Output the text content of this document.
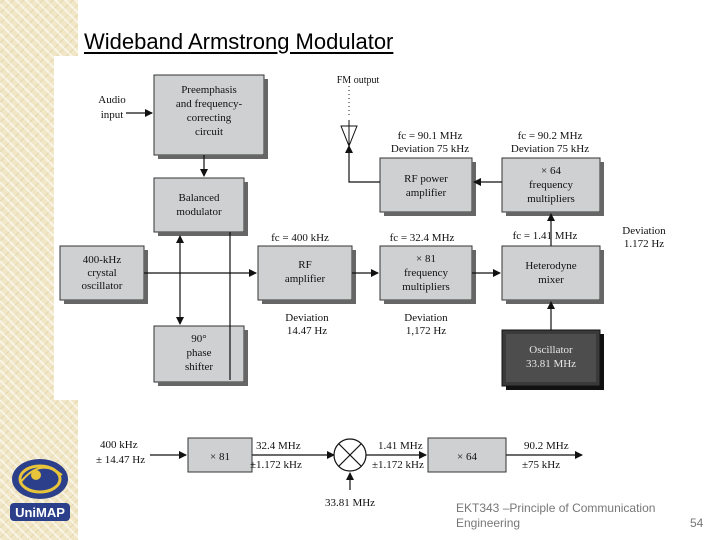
Wideband Armstrong Modulator
Preemphasis
and frequency-
correcting
circuit
Balanced
modulator
400-kHz
crystal
oscillator
90°
phase
shifter
RF
amplifier
× 81
frequency
multipliers
Heterodyne
mixer
Oscillator
33.81 MHz
RF power
amplifier
× 64
frequency
multipliers
Audio
input
FM output
fc = 90.1 MHz
Deviation 75 kHz
fc = 90.2 MHz
Deviation 75 kHz
fc = 400 kHz	fc = 32.4 MHz	fc = 1.41 MHz	Deviation
1.172 Hz
Deviation
14.47 Hz
Deviation
1,172 Hz
400 kHz
± 14.47 Hz	× 81
32.4 MHz
±1.172 kHz
1.41 MHz
±1.172 kHz
× 64
90.2 MHz
±75 kHz
33.81 MHz
UniMAP	EKT343 –Principle of Communication Engineering	54
